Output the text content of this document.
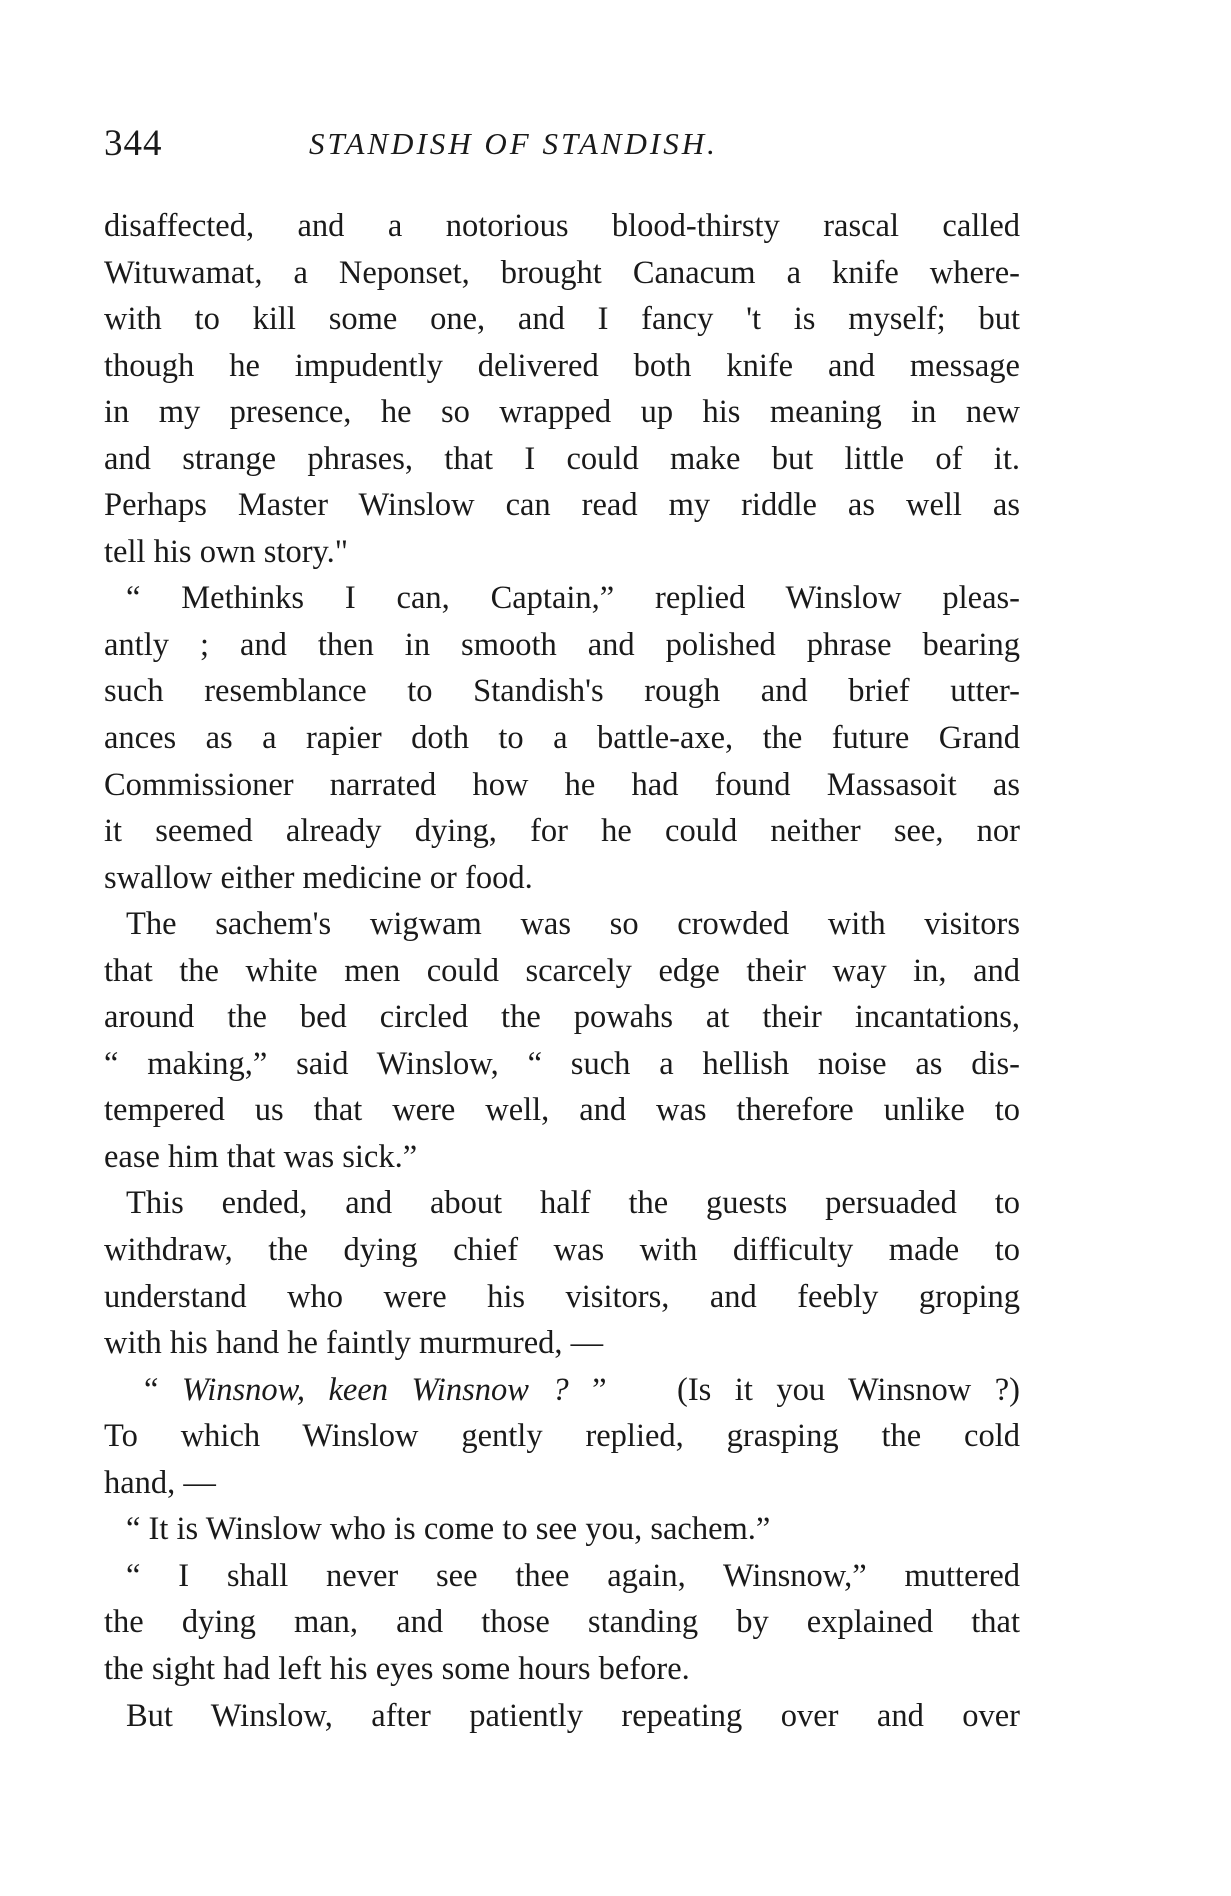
344	STANDISH OF STANDISH.
disaffected, and a notorious blood-thirsty rascal called
Wituwamat, a Neponset, brought Canacum a knife where-
with to kill some one, and I fancy 't is myself; but
though he impudently delivered both knife and message
in my presence, he so wrapped up his meaning in new
and strange phrases, that I could make but little of it.
Perhaps Master Winslow can read my riddle as well as
tell his own story."
“ Methinks I can, Captain,” replied Winslow pleas-
antly ; and then in smooth and polished phrase bearing
such resemblance to Standish's rough and brief utter-
ances as a rapier doth to a battle-axe, the future Grand
Commissioner narrated how he had found Massasoit as
it seemed already dying, for he could neither see, nor
swallow either medicine or food.
The sachem's wigwam was so crowded with visitors
that the white men could scarcely edge their way in, and
around the bed circled the powahs at their incantations,
“ making,” said Winslow, “ such a hellish noise as dis-
tempered us that were well, and was therefore unlike to
ease him that was sick.”
This ended, and about half the guests persuaded to
withdraw, the dying chief was with difficulty made to
understand who were his visitors, and feebly groping
with his hand he faintly murmured, —
“ Winsnow, keen Winsnow ? ” (Is it you Winsnow ?)
To which Winslow gently replied, grasping the cold
hand, —
“ It is Winslow who is come to see you, sachem.”
“ I shall never see thee again, Winsnow,” muttered
the dying man, and those standing by explained that
the sight had left his eyes some hours before.
But Winslow, after patiently repeating over and over
